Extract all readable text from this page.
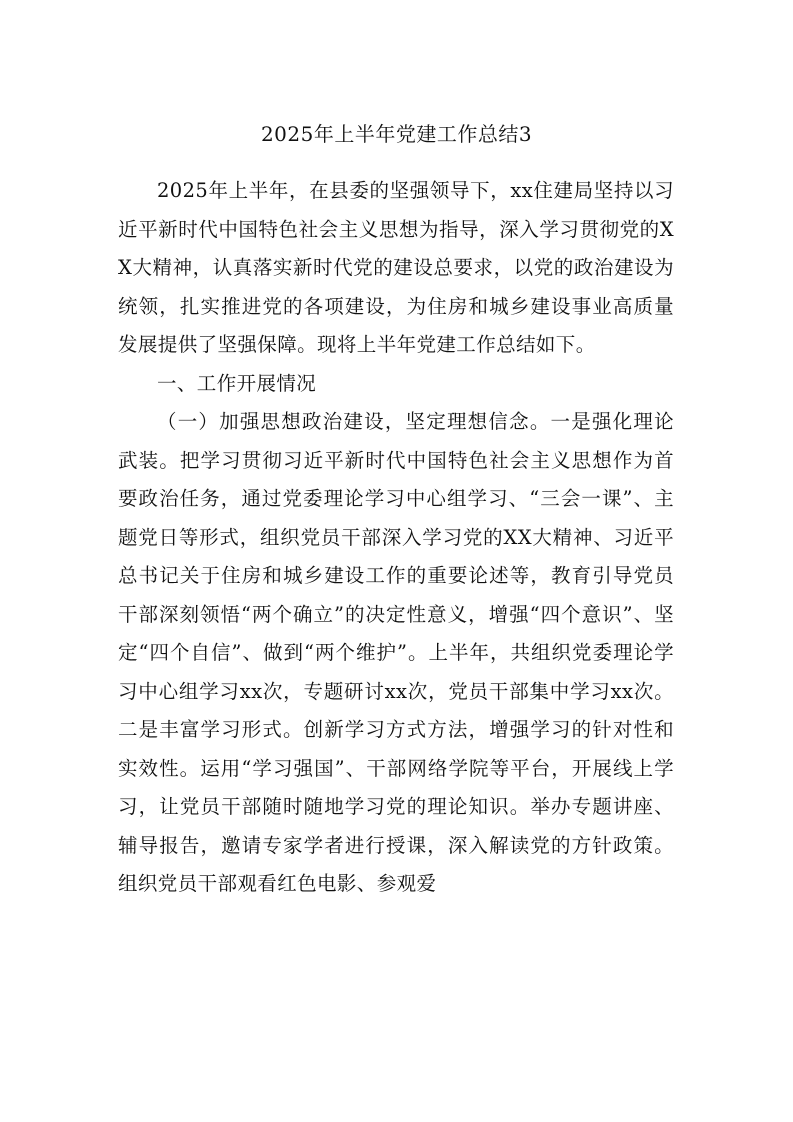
2025年上半年党建工作总结3

2025年上半年，在县委的坚强领导下，xx住建局坚持以习近平新时代中国特色社会主义思想为指导，深入学习贯彻党的XX大精神，认真落实新时代党的建设总要求，以党的政治建设为统领，扎实推进党的各项建设，为住房和城乡建设事业高质量发展提供了坚强保障。现将上半年党建工作总结如下。

一、工作开展情况

（一）加强思想政治建设，坚定理想信念。一是强化理论武装。把学习贯彻习近平新时代中国特色社会主义思想作为首要政治任务，通过党委理论学习中心组学习、“三会一课”、主题党日等形式，组织党员干部深入学习党的XX大精神、习近平总书记关于住房和城乡建设工作的重要论述等，教育引导党员干部深刻领悟“两个确立”的决定性意义，增强“四个意识”、坚定“四个自信”、做到“两个维护”。上半年，共组织党委理论学习中心组学习xx次，专题研讨xx次，党员干部集中学习xx次。二是丰富学习形式。创新学习方式方法，增强学习的针对性和实效性。运用“学习强国”、干部网络学院等平台，开展线上学习，让党员干部随时随地学习党的理论知识。举办专题讲座、辅导报告，邀请专家学者进行授课，深入解读党的方针政策。组织党员干部观看红色电影、参观爱
